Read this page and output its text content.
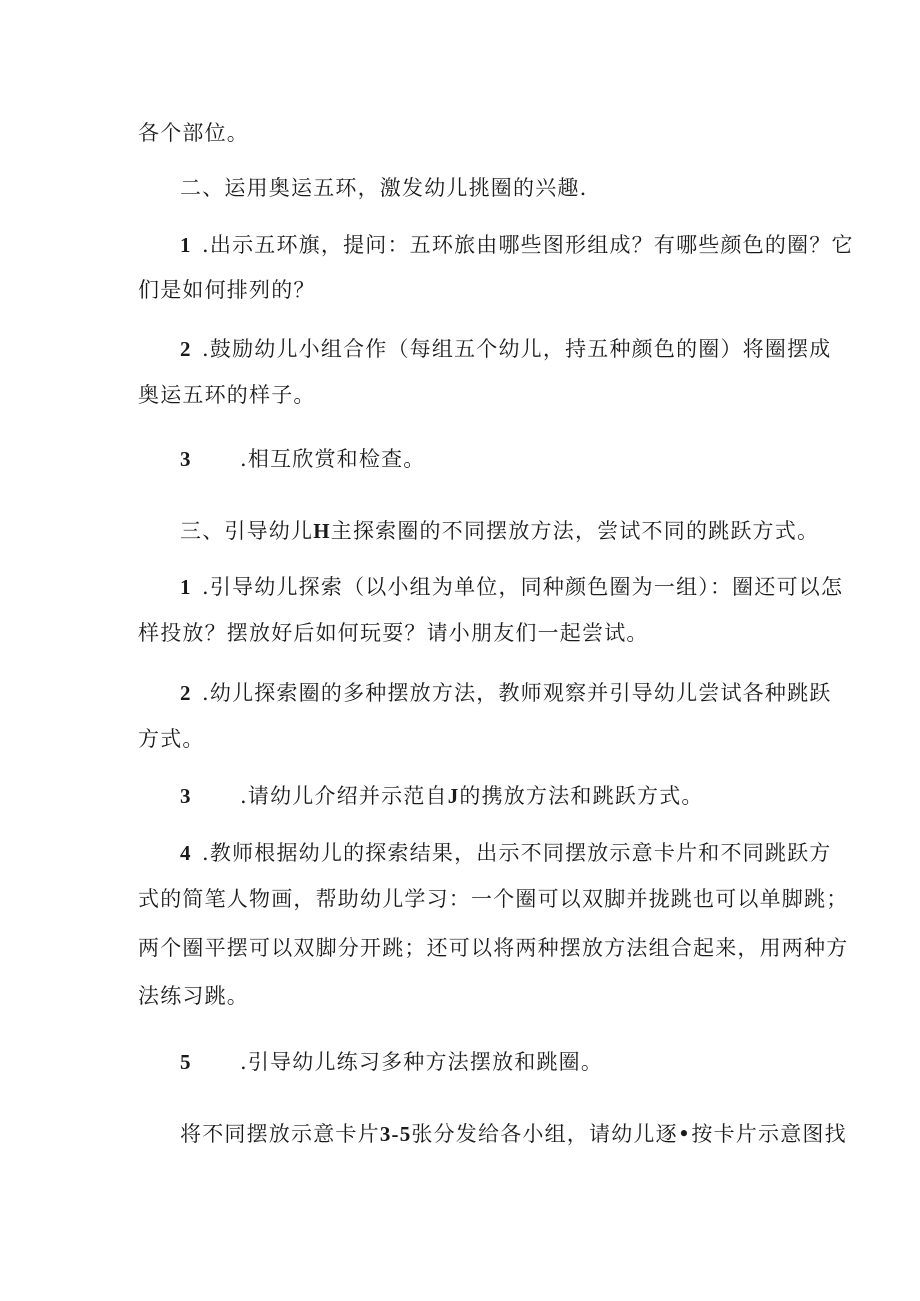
各个部位。
二、运用奥运五环，激发幼儿挑圈的兴趣.
1 .出示五环旗，提问：五环旅由哪些图形组成？有哪些颜色的圈？它
们是如何排列的？
2 .鼓励幼儿小组合作（每组五个幼儿，持五种颜色的圈）将圈摆成
奥运五环的样子。
3 .相互欣赏和检查。
三、引导幼儿H主探索圈的不同摆放方法，尝试不同的跳跃方式。
1 .引导幼儿探索（以小组为单位，同种颜色圈为一组）：圈还可以怎
样投放？摆放好后如何玩耍？请小朋友们一起尝试。
2 .幼儿探索圈的多种摆放方法，教师观察并引导幼儿尝试各种跳跃
方式。
3 .请幼儿介绍并示范自J的携放方法和跳跃方式。
4 .教师根据幼儿的探索结果，出示不同摆放示意卡片和不同跳跃方
式的简笔人物画，帮助幼儿学习：一个圈可以双脚并拢跳也可以单脚跳；
两个圈平摆可以双脚分开跳；还可以将两种摆放方法组合起来，用两种方
法练习跳。
5 .引导幼儿练习多种方法摆放和跳圈。
将不同摆放示意卡片3-5张分发给各小组，请幼儿逐•按卡片示意图找
